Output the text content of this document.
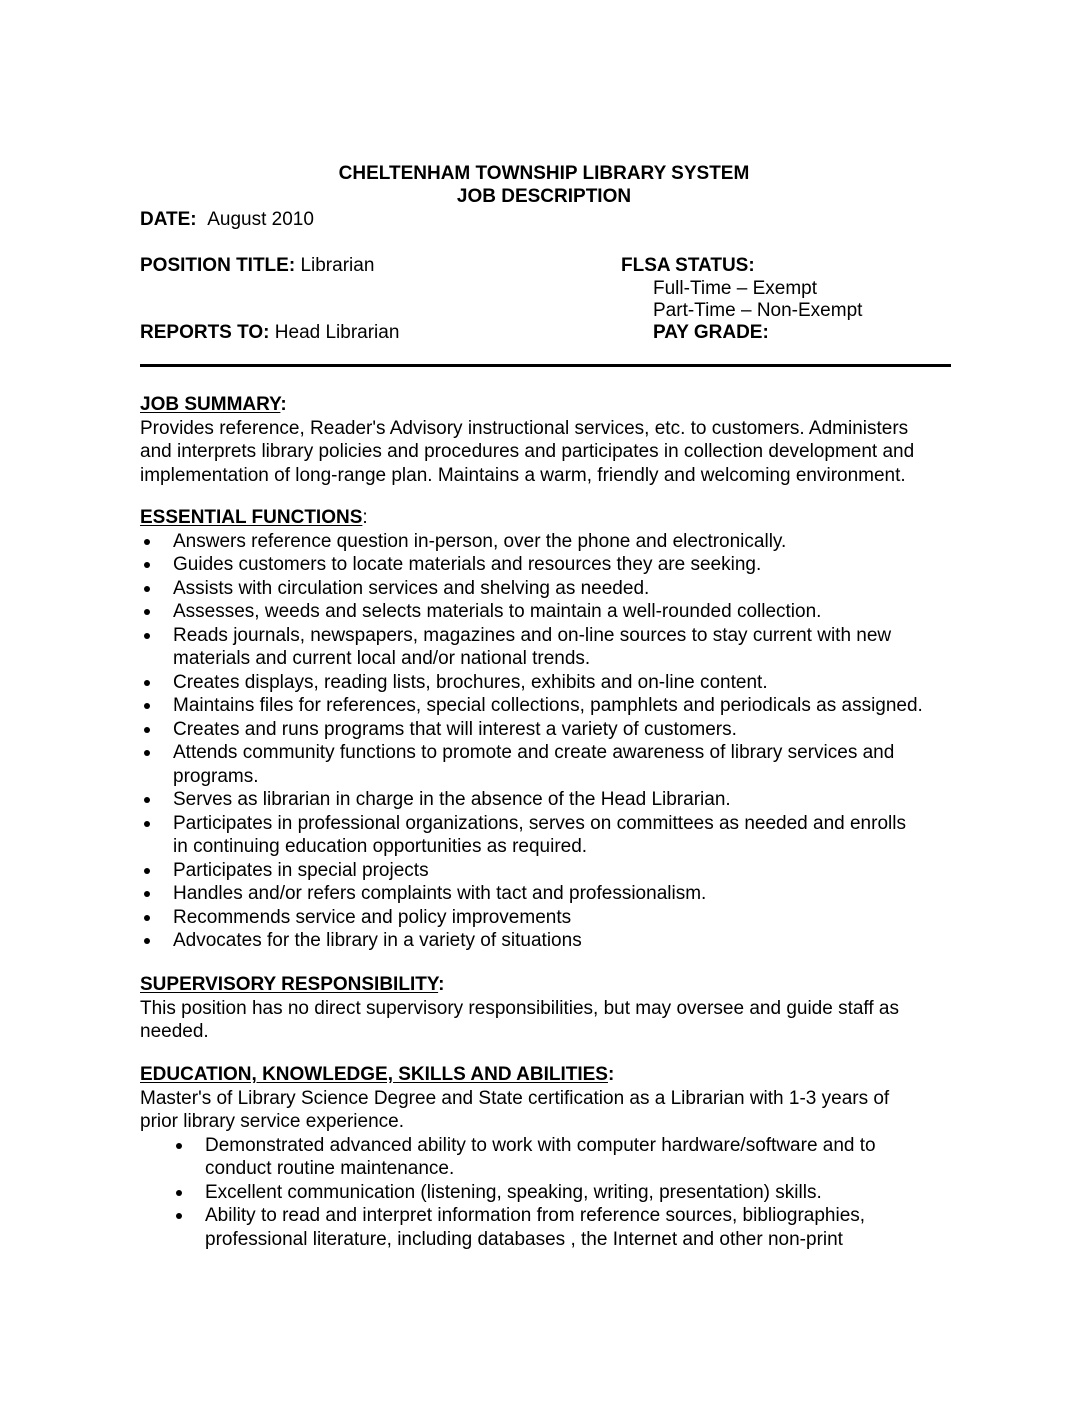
CHELTENHAM TOWNSHIP LIBRARY SYSTEM
JOB DESCRIPTION
DATE: August 2010
POSITION TITLE: Librarian	FLSA STATUS:
Full-Time – Exempt
Part-Time – Non-Exempt
REPORTS TO: Head Librarian	PAY GRADE:
JOB SUMMARY:
Provides reference, Reader's Advisory instructional services, etc. to customers. Administers
and interprets library policies and procedures and participates in collection development and
implementation of long-range plan. Maintains a warm, friendly and welcoming environment.
ESSENTIAL FUNCTIONS:
Answers reference question in-person, over the phone and electronically.
Guides customers to locate materials and resources they are seeking.
Assists with circulation services and shelving as needed.
Assesses, weeds and selects materials to maintain a well-rounded collection.
Reads journals, newspapers, magazines and on-line sources to stay current with new
materials and current local and/or national trends.
Creates displays, reading lists, brochures, exhibits and on-line content.
Maintains files for references, special collections, pamphlets and periodicals as assigned.
Creates and runs programs that will interest a variety of customers.
Attends community functions to promote and create awareness of library services and
programs.
Serves as librarian in charge in the absence of the Head Librarian.
Participates in professional organizations, serves on committees as needed and enrolls
in continuing education opportunities as required.
Participates in special projects
Handles and/or refers complaints with tact and professionalism.
Recommends service and policy improvements
Advocates for the library in a variety of situations
SUPERVISORY RESPONSIBILITY:
This position has no direct supervisory responsibilities, but may oversee and guide staff as
needed.
EDUCATION, KNOWLEDGE, SKILLS AND ABILITIES:
Master's of Library Science Degree and State certification as a Librarian with 1-3 years of
prior library service experience.
Demonstrated advanced ability to work with computer hardware/software and to
conduct routine maintenance.
Excellent communication (listening, speaking, writing, presentation) skills.
Ability to read and interpret information from reference sources, bibliographies,
professional literature, including databases , the Internet and other non-print
